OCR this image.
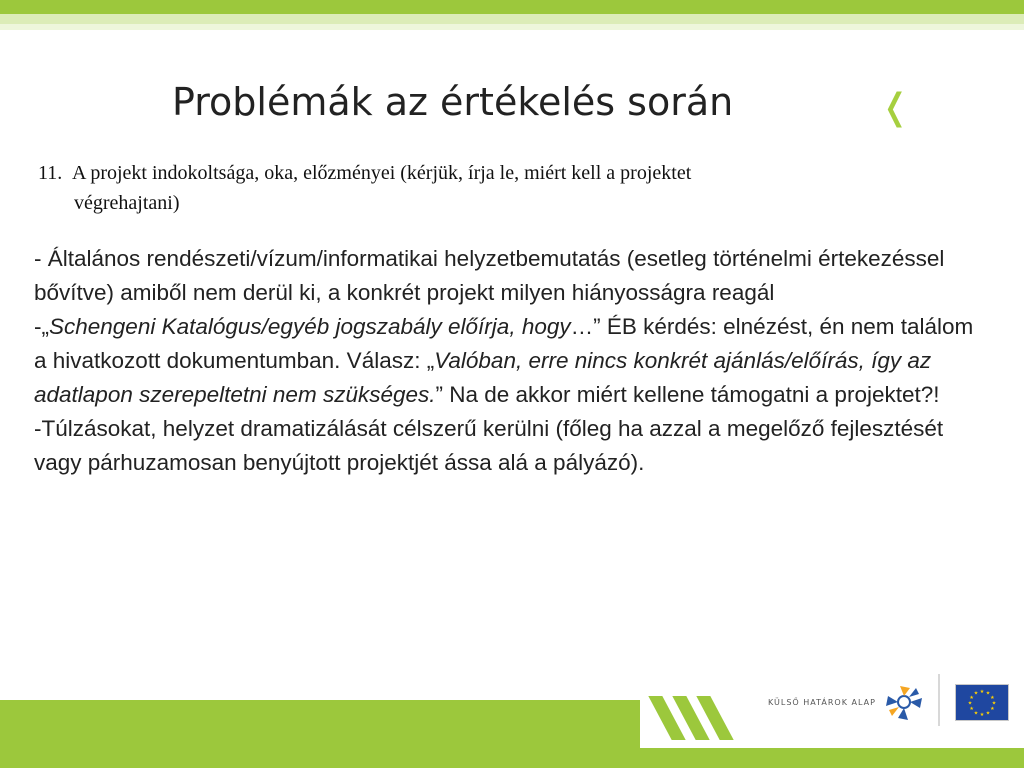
Problémák az értékelés során	❬
11. A projekt indokoltsága, oka, előzményei (kérjük, írja le, miért kell a projektet
végrehajtani)

- Általános rendészeti/vízum/informatikai helyzetbemutatás (esetleg történelmi értekezéssel bővítve) amiből nem derül ki, a konkrét projekt milyen hiányosságra reagál

-„Schengeni Katalógus/egyéb jogszabály előírja, hogy…” ÉB kérdés: elnézést, én nem találom a hivatkozott dokumentumban. Válasz: „Valóban, erre nincs konkrét ajánlás/előírás, így az adatlapon szerepeltetni nem szükséges.” Na de akkor miért kellene támogatni a projektet?!

-Túlzásokat, helyzet dramatizálását célszerű kerülni (főleg ha azzal a megelőző fejlesztését vagy párhuzamosan benyújtott projektjét ássa alá a pályázó).

KÜLSŐ HATÁROK ALAP
★ ★
★
★
★
★
★
★
★
★
★
★
